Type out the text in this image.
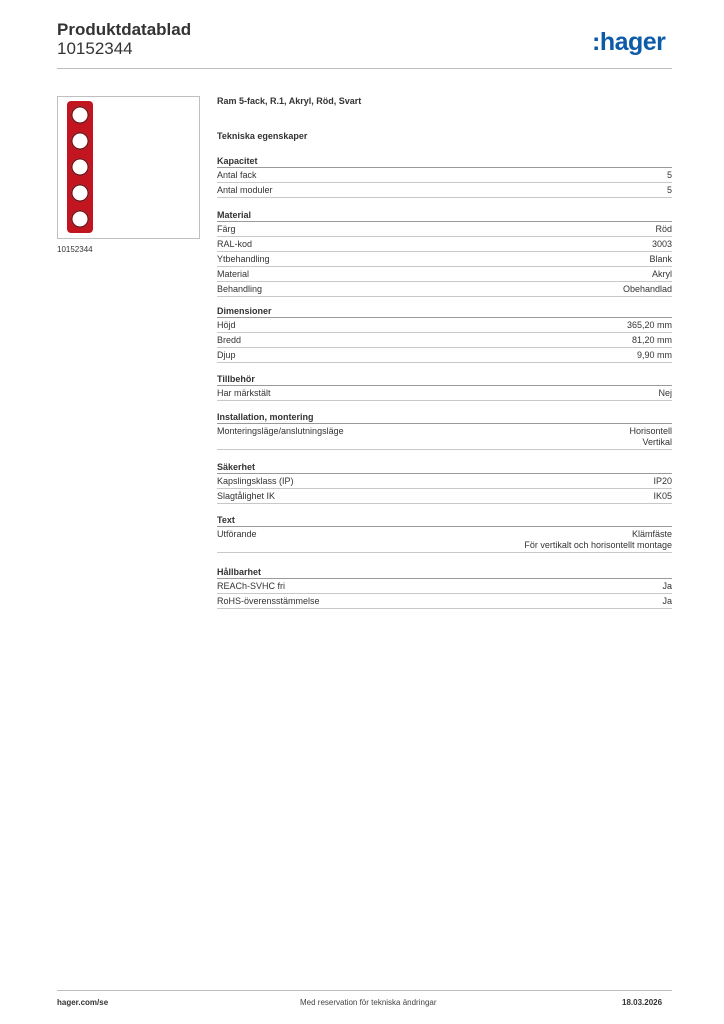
Produktdatablad
10152344	:hager
10152344
Ram 5-fack, R.1, Akryl, Röd, Svart
Tekniska egenskaper
Kapacitet
Antal fack	5
Antal moduler	5
Material
Färg	Röd
RAL-kod	3003
Ytbehandling	Blank
Material	Akryl
Behandling	Obehandlad
Dimensioner
Höjd	365,20 mm
Bredd	81,20 mm
Djup	9,90 mm
Tillbehör
Har märkstält	Nej
Installation, montering
Monteringsläge/anslutningsläge	Horisontell
Vertikal
Säkerhet
Kapslingsklass (IP)	IP20
Slagtålighet IK	IK05
Text
Utförande	Klämfäste
För vertikalt och horisontellt montage
Hållbarhet
REACh-SVHC fri	Ja
RoHS-överensstämmelse	Ja
hager.com/se	Med reservation för tekniska ändringar	18.03.2026
